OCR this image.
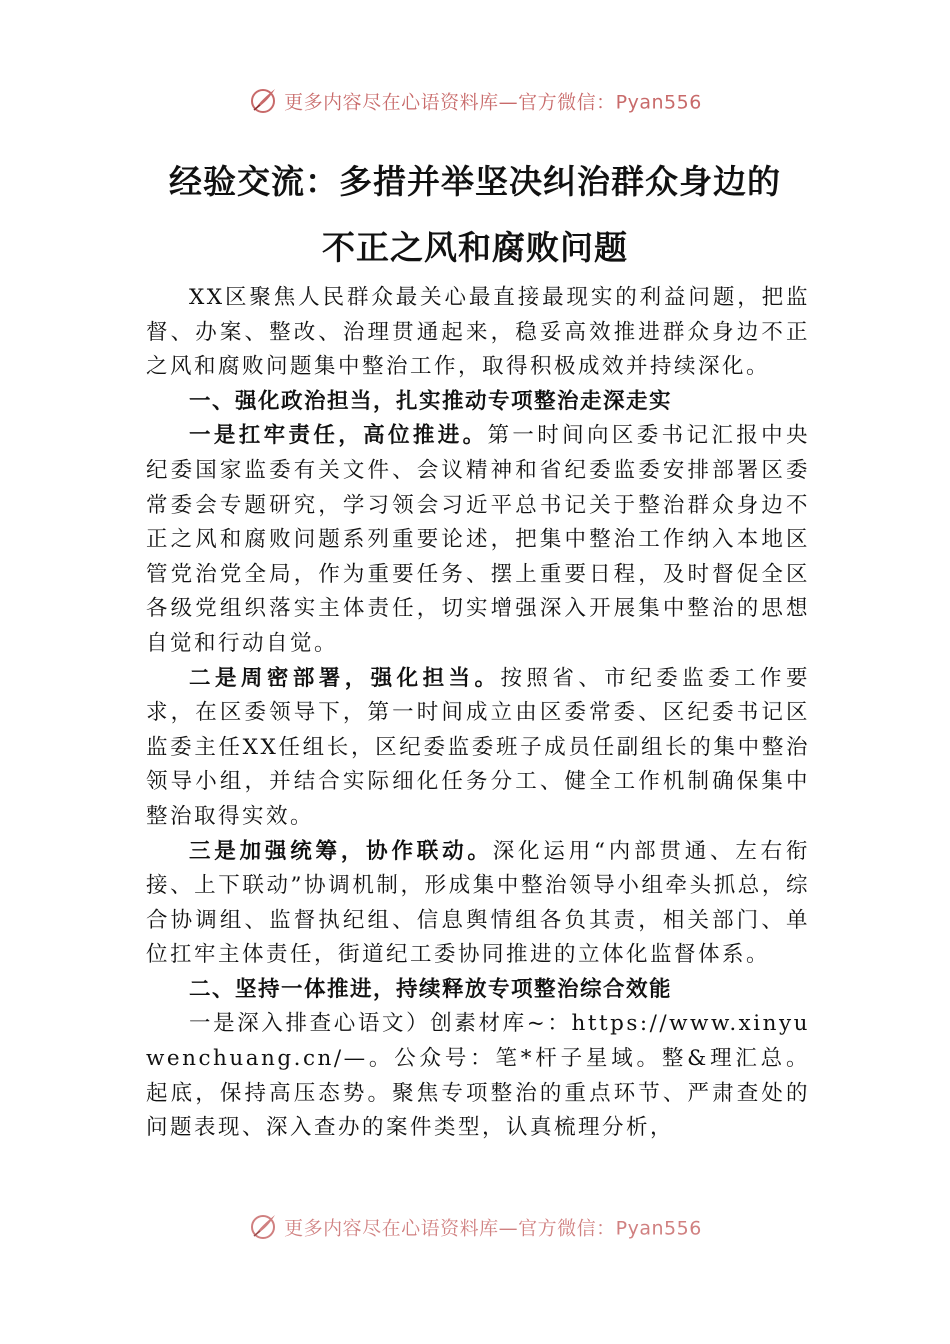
更多内容尽在心语资料库—官方微信：Pyan556
经验交流：多措并举坚决纠治群众身边的
不正之风和腐败问题

XX区聚焦人民群众最关心最直接最现实的利益问题，把监督、办案、整改、治理贯通起来，稳妥高效推进群众身边不正之风和腐败问题集中整治工作，取得积极成效并持续深化。

一、强化政治担当，扎实推动专项整治走深走实

一是扛牢责任，高位推进。第一时间向区委书记汇报中央纪委国家监委有关文件、会议精神和省纪委监委安排部署区委常委会专题研究，学习领会习近平总书记关于整治群众身边不正之风和腐败问题系列重要论述，把集中整治工作纳入本地区管党治党全局，作为重要任务、摆上重要日程，及时督促全区各级党组织落实主体责任，切实增强深入开展集中整治的思想自觉和行动自觉。

二是周密部署，强化担当。按照省、市纪委监委工作要求，在区委领导下，第一时间成立由区委常委、区纪委书记区监委主任XX任组长，区纪委监委班子成员任副组长的集中整治领导小组，并结合实际细化任务分工、健全工作机制确保集中整治取得实效。

三是加强统筹，协作联动。深化运用“内部贯通、左右衔接、上下联动”协调机制，形成集中整治领导小组牵头抓总，综合协调组、监督执纪组、信息舆情组各负其责，相关部门、单位扛牢主体责任，街道纪工委协同推进的立体化监督体系。

二、坚持一体推进，持续释放专项整治综合效能

一是深入排查心语文）创素材库~：https://www.xinyuwenchuang.cn/—。公众号：笔*杆子星域。整&理汇总。起底，保持高压态势。聚焦专项整治的重点环节、严肃查处的问题表现、深入查办的案件类型，认真梳理分析，

更多内容尽在心语资料库—官方微信：Pyan556
